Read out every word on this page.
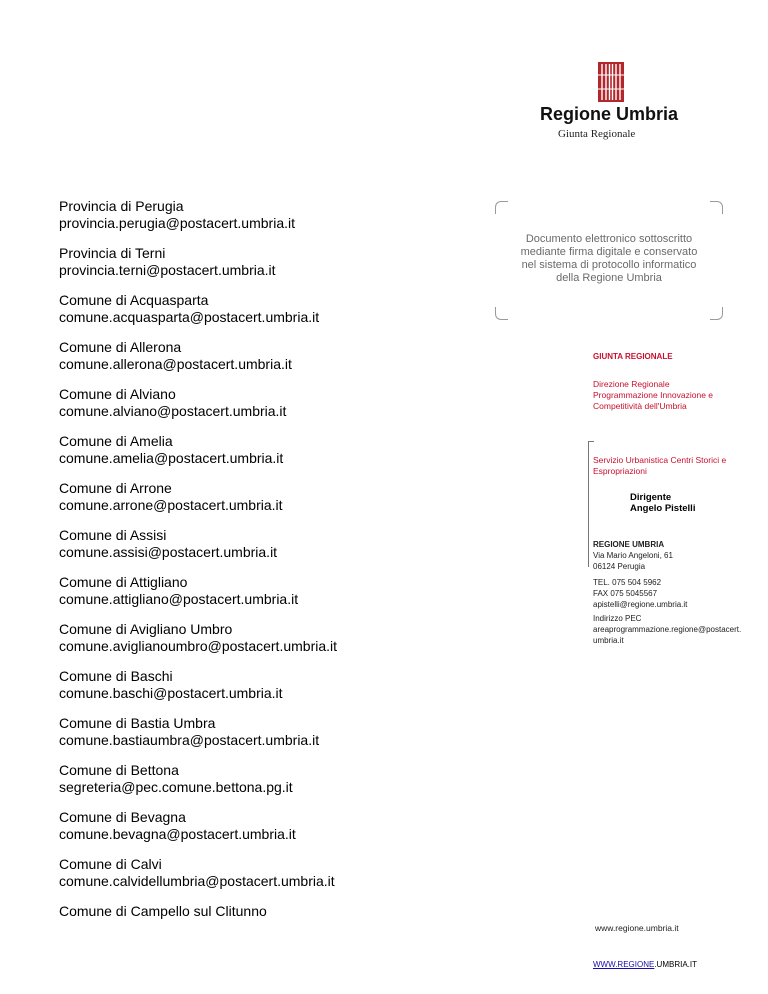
Regione Umbria
Giunta Regionale
Provincia di Perugia
provincia.perugia@postacert.umbria.it
Provincia di Terni
provincia.terni@postacert.umbria.it
Comune di Acquasparta
comune.acquasparta@postacert.umbria.it
Comune di Allerona
comune.allerona@postacert.umbria.it
Comune di Alviano
comune.alviano@postacert.umbria.it
Comune di Amelia
comune.amelia@postacert.umbria.it
Comune di Arrone
comune.arrone@postacert.umbria.it
Comune di Assisi
comune.assisi@postacert.umbria.it
Comune di Attigliano
comune.attigliano@postacert.umbria.it
Comune di Avigliano Umbro
comune.aviglianoumbro@postacert.umbria.it
Comune di Baschi
comune.baschi@postacert.umbria.it
Comune di Bastia Umbra
comune.bastiaumbra@postacert.umbria.it
Comune di Bettona
segreteria@pec.comune.bettona.pg.it
Comune di Bevagna
comune.bevagna@postacert.umbria.it
Comune di Calvi
comune.calvidellumbria@postacert.umbria.it
Comune di Campello sul Clitunno
Documento elettronico sottoscritto
mediante firma digitale e conservato
nel sistema di protocollo informatico
della Regione Umbria
GIUNTA REGIONALE
Direzione Regionale
Programmazione Innovazione e
Competitività dell'Umbria
Servizio Urbanistica Centri Storici e
Espropriazioni
Dirigente
Angelo Pistelli
REGIONE UMBRIA
Via Mario Angeloni, 61
06124 Perugia
TEL. 075 504 5962
FAX 075 5045567
apistelli@regione.umbria.it
Indirizzo PEC
areaprogrammazione.regione@postacert.
umbria.it
www.regione.umbria.it
WWW.REGIONE.UMBRIA.IT
